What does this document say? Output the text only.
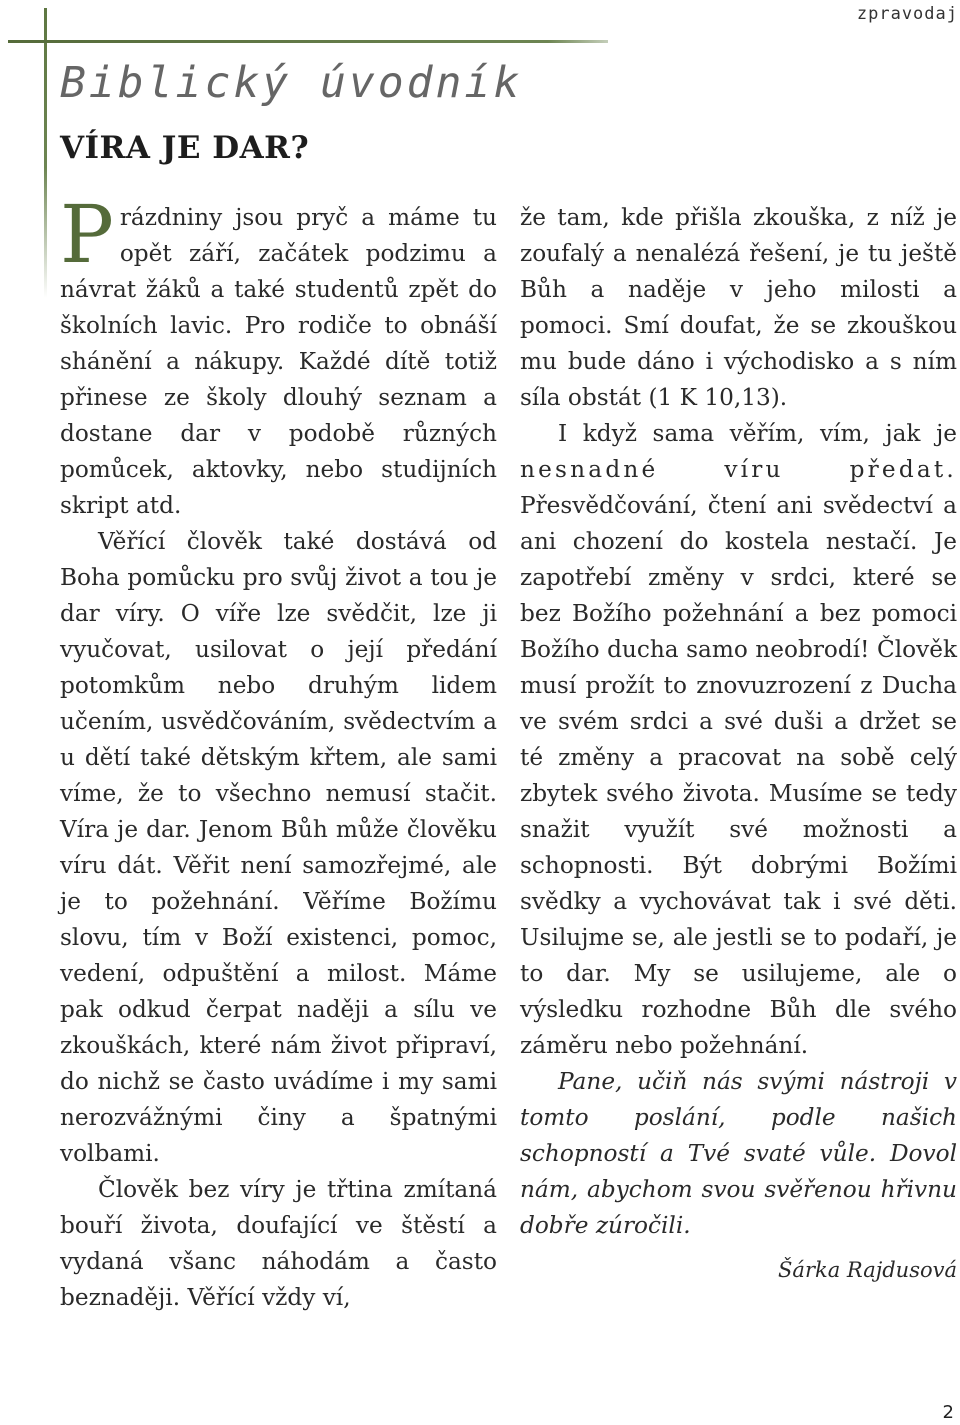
zpravodaj
Biblický úvodník
VÍRA JE DAR?

Prázdniny jsou pryč a máme tu opět září, začátek podzimu a návrat žáků a také studentů zpět do školních lavic. Pro rodiče to obnáší shánění a nákupy. Každé dítě totiž přinese ze školy dlouhý seznam a dostane dar v podobě různých pomůcek, aktovky, nebo studijních skript atd.

Věřící člověk také dostává od Boha pomůcku pro svůj život a tou je dar víry. O víře lze svědčit, lze ji vyučovat, usilovat o její předání potomkům nebo druhým lidem učením, usvědčováním, svědectvím a u dětí také dětským křtem, ale sami víme, že to všechno nemusí stačit. Víra je dar. Jenom Bůh může člověku víru dát. Věřit není samozřejmé, ale je to požehnání. Věříme Božímu slovu, tím v Boží existenci, pomoc, vedení, odpuštění a milost. Máme pak odkud čerpat naději a sílu ve zkouškách, které nám život připraví, do nichž se často uvádíme i my sami nerozvážnými činy a špatnými volbami.

Člověk bez víry je třtina zmítaná bouří života, doufající ve štěstí a vydaná všanc náhodám a často beznaději. Věřící vždy ví,

že tam, kde přišla zkouška, z níž je zoufalý a nenalézá řešení, je tu ještě Bůh a naděje v jeho milosti a pomoci. Smí doufat, že se zkouškou mu bude dáno i východisko a s ním síla obstát (1 K 10,13).

I když sama věřím, vím, jak je nesnadné víru předat. Přesvědčování, čtení ani svědectví a ani chození do kostela nestačí. Je zapotřebí změny v srdci, které se bez Božího požehnání a bez pomoci Božího ducha samo neobrodí! Člověk musí prožít to znovuzrození z Ducha ve svém srdci a své duši a držet se té změny a pracovat na sobě celý zbytek svého života. Musíme se tedy snažit využít své možnosti a schopnosti. Být dobrými Božími svědky a vychovávat tak i své děti. Usilujme se, ale jestli se to podaří, je to dar. My se usilujeme, ale o výsledku rozhodne Bůh dle svého záměru nebo požehnání.

Pane, učiň nás svými nástroji v tomto poslání, podle našich schopností a Tvé svaté vůle. Dovol nám, abychom svou svěřenou hřivnu dobře zúročili.

Šárka Rajdusová
2
